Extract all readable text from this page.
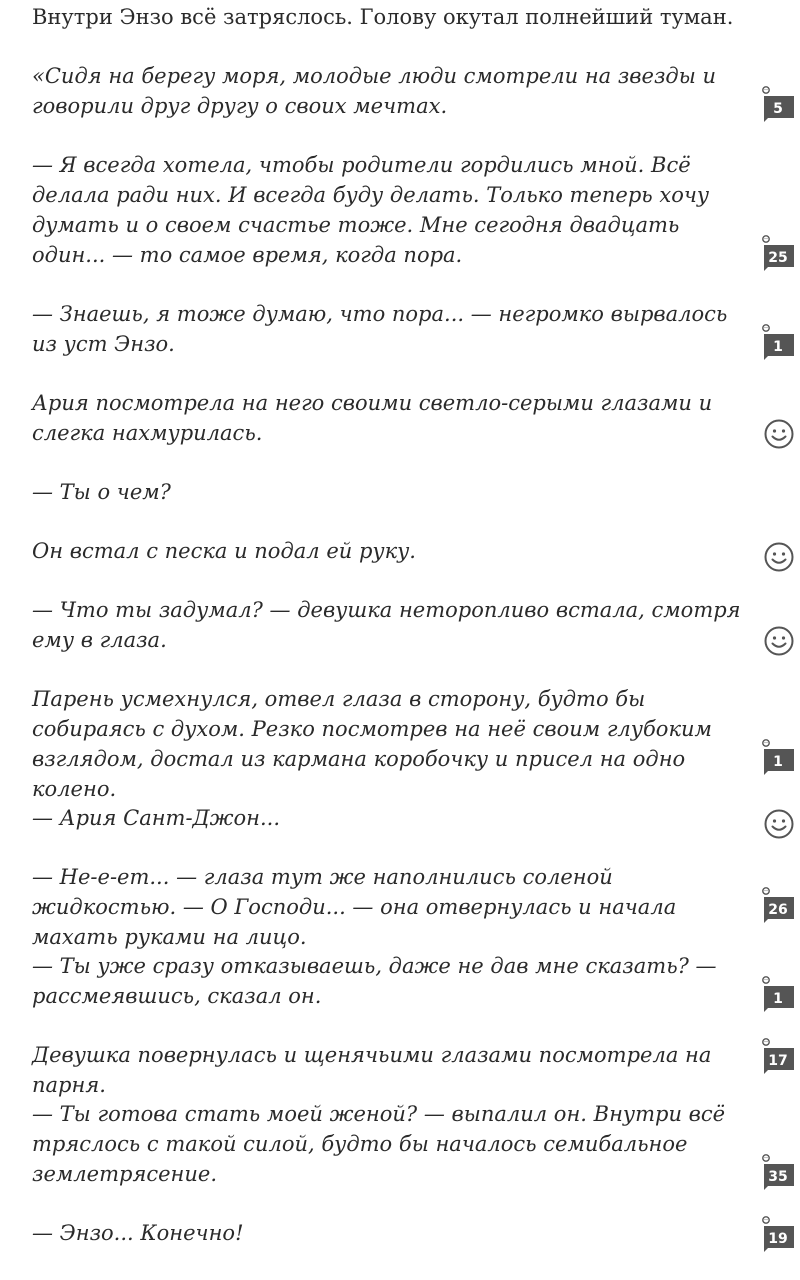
Внутри Энзо всё затряслось. Голову окутал полнейший туман.
«Сидя на берегу моря, молодые люди смотрели на звезды и говорили друг другу о своих мечтах.	5
— Я всегда хотела, чтобы родители гордились мной. Всё делала ради них. И всегда буду делать. Только теперь хочу думать и о своем счастье тоже. Мне сегодня двадцать один... — то самое время, когда пора.	25
— Знаешь, я тоже думаю, что пора... — негромко вырвалось из уст Энзо.	1
Ария посмотрела на него своими светло-серыми глазами и слегка нахмурилась.
— Ты о чем?
Он встал с песка и подал ей руку.
— Что ты задумал? — девушка неторопливо встала, смотря ему в глаза.
Парень усмехнулся, отвел глаза в сторону, будто бы собираясь с духом. Резко посмотрев на неё своим глубоким взглядом, достал из кармана коробочку и присел на одно колено.
1
— Ария Сант-Джон...
— Не-е-ет... — глаза тут же наполнились соленой жидкостью. — О Господи... — она отвернулась и начала махать руками на лицо.
26
— Ты уже сразу отказываешь, даже не дав мне сказать? — рассмеявшись, сказал он.	1
Девушка повернулась и щенячьими глазами посмотрела на парня.
17
— Ты готова стать моей женой? — выпалил он. Внутри всё тряслось с такой силой, будто бы началось семибальное землетрясение.	35
— Энзо... Конечно!	19
